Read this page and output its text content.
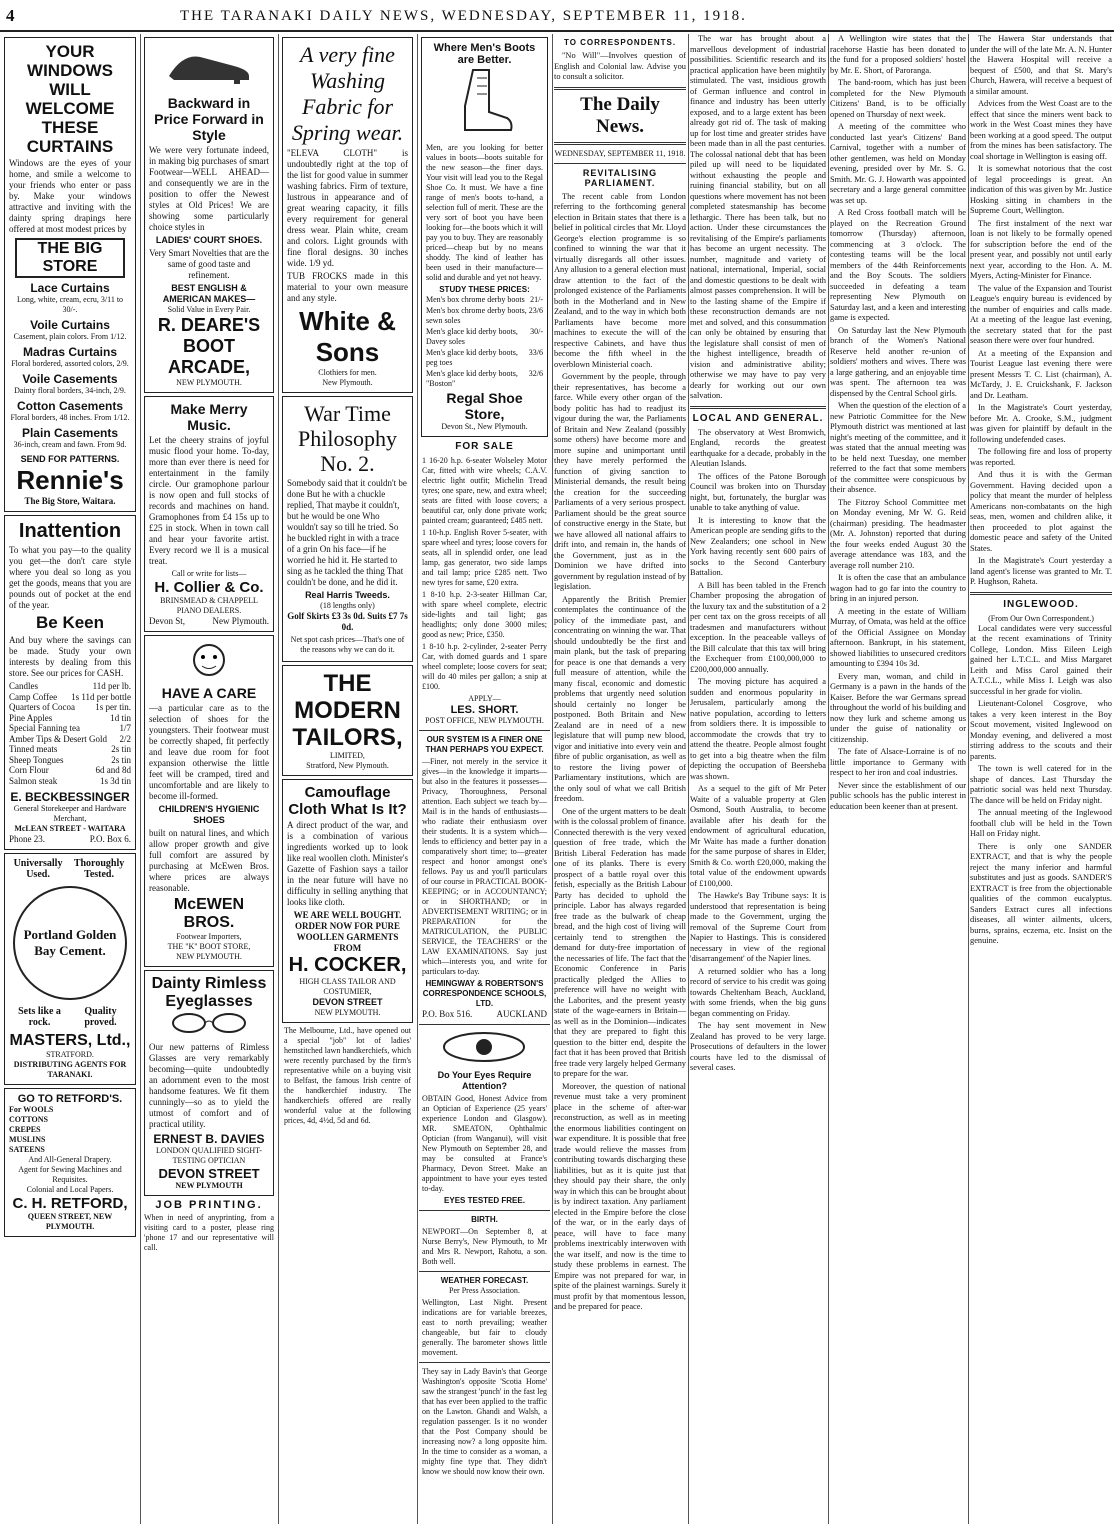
4	THE TARANAKI DAILY NEWS, WEDNESDAY, SEPTEMBER 11, 1918.
YOUR WINDOWS WILL WELCOME THESE CURTAINS

Windows are the eyes of your home, and smile a welcome to your friends who enter or pass by. Make your windows attractive and inviting with the dainty spring drapings here offered at most modest prices by

THE BIG STORE
Lace Curtains
Long, white, cream, ecru, 3/11 to 30/-.
Voile Curtains
Casement, plain colors. From 1/12.
Madras Curtains
Floral bordered, assorted colors, 2/9.
Voile Casements
Dainty floral borders, 34-inch, 2/9.
Cotton Casements
Floral borders, 48 inches. From 1/12.
Plain Casements
36-inch, cream and fawn. From 9d.
SEND FOR PATTERNS.
Rennie's
The Big Store, Waitara.
Inattention

To what you pay—to the quality you get—the don't care style where you deal so long as you get the goods, means that you are pounds out of pocket at the end of the year.

Be Keen

And buy where the savings can be made. Study your own interests by dealing from this store. See our prices for CASH.

Candles	11d per lb.
Camp Coffee 1s 11d per bottle
Quarters of Cocoa 1s per tin.
Pine Apples	1d tin
Special Fanning tea	1/7
Amber Tips & Desert Gold 2/2
Tinned meats	2s tin
Sheep Tongues	2s tin
Corn Flour	6d and 8d
Salmon steak	1s 3d tin
E. BECKBESSINGER
General Storekeeper and Hardware Merchant,
McLEAN STREET - WAITARA
Phone 23.	P.O. Box 6.
Universally Used.
Thoroughly Tested.
Portland Golden Bay Cement.
Sets like a rock.
Quality proved.
MASTERS, Ltd.,
STRATFORD.
DISTRIBUTING AGENTS FOR TARANAKI.
GO TO RETFORD'S.
For WOOLS
COTTONS
CREPES
MUSLINS
SATEENS
And All-General Drapery.
Agent for Sewing Machines and Requisites.
Colonial and Local Papers.
C. H. RETFORD,
QUEEN STREET, NEW PLYMOUTH.
Backward in Price Forward in Style

We were very fortunate indeed, in making big purchases of smart Footwear—WELL AHEAD—and consequently we are in the position to offer the Newest styles at Old Prices! We are showing some particularly choice styles in

LADIES' COURT SHOES.

Very Smart Novelties that are the same of good taste and refinement.

BEST ENGLISH & AMERICAN MAKES—
Solid Value in Every Pair.
R. DEARE'S BOOT ARCADE,
NEW PLYMOUTH.
Make Merry Music.

Let the cheery strains of joyful music flood your home. To-day, more than ever there is need for entertainment in the family circle. Our gramophone parlour is now open and full stocks of records and machines on hand. Gramophones from £4 15s up to £25 in stock. When in town call and hear your favorite artist. Every record we ll is a musical treat.

Call or write for lists—
H. Collier & Co.
BRINSMEAD & CHAPPELL PIANO DEALERS.
Devon St,	New Plymouth.
HAVE A CARE

—a particular care as to the selection of shoes for the youngsters. Their footwear must be correctly shaped, fit perfectly and leave due room for foot expansion otherwise the little feet will be cramped, tired and uncomfortable and are likely to become ill-formed.

CHILDREN'S HYGIENIC SHOES

built on natural lines, and which allow proper growth and give full comfort are assured by purchasing at McEwen Bros. where prices are always reasonable.

McEWEN BROS.
Footwear Importers,
THE "K" BOOT STORE,
NEW PLYMOUTH.
Dainty Rimless Eyeglasses

Our new patterns of Rimless Glasses are very remarkably becoming—quite undoubtedly an adornment even to the most handsome features. We fit them cunningly—so as to yield the utmost of comfort and of practical utility.

ERNEST B. DAVIES
LONDON QUALIFIED SIGHT-TESTING OPTICIAN
DEVON STREET
NEW PLYMOUTH
JOB PRINTING.

When in need of anyprinting, from a visiting card to a poster, please ring 'phone 17 and our representative will call.

A very fine Washing Fabric for Spring wear.

"ELEVA CLOTH" is undoubtedly right at the top of the list for good value in summer washing fabrics. Firm of texture, lustrous in appearance and of great wearing capacity, it fills every requirement for general dress wear. Plain white, cream and colors. Light grounds with fine floral designs. 30 inches wide. 1/9 yd.

TUB FROCKS made in this material to your own measure and any style.

White & Sons
Clothiers for men.
New Plymouth.
War Time Philosophy No. 2.

Somebody said that it couldn't be done But he with a chuckle replied, That maybe it couldn't, but he would be one Who wouldn't say so till he tried. So he buckled right in with a trace of a grin On his face—if he worried he hid it. He started to sing as he tackled the thing That couldn't be done, and he did it.

Real Harris Tweeds.
(18 lengths only)
Golf Skirts £3 3s 0d. Suits £7 7s 0d.

Net spot cash prices—That's one of the reasons why we can do it.

THE MODERN TAILORS,
LIMITED,
Stratford, New Plymouth.
Camouflage Cloth What Is It?

A direct product of the war, and is a combination of various ingredients worked up to look like real woollen cloth. Minister's Gazette of Fashion says a tailor in the near future will have no difficulty in selling anything that looks like cloth.

WE ARE WELL BOUGHT. ORDER NOW FOR PURE WOOLLEN GARMENTS FROM
H. COCKER,
HIGH CLASS TAILOR AND COSTUMIER,
DEVON STREET
NEW PLYMOUTH.

The Melbourne, Ltd., have opened out a special "job" lot of ladies' hemstitched lawn handkerchiefs, which were recently purchased by the firm's representative while on a buying visit to Belfast, the famous Irish centre of the handkerchief industry. The handkerchiefs offered are really wonderful value at the following prices, 4d, 4½d, 5d and 6d.

Where Men's Boots are Better.

Men, are you looking for better values in boots—boots suitable for the new season—the finer days. Your visit will lead you to the Regal Shoe Co. It must. We have a fine range of men's boots to-hand, a selection full of merit. These are the very sort of boot you have been looking for—the boots which it will pay you to buy. They are reasonably priced—cheap but by no means shoddy. The kind of leather has been used in their manufacture—solid and durable and yet not heavy.

STUDY THESE PRICES:
Men's box chrome derby boots 21/-
Men's box chrome derby boots, sewn soles
23/6
Men's glace kid derby boots, Davey soles
30/-
Men's glace kid derby boots, peg toes
33/6
Men's glace kid derby boots, "Boston"
32/6
Regal Shoe Store,
Devon St., New Plymouth.
FOR SALE

1 16-20 h.p. 6-seater Wolseley Motor Car, fitted with wire wheels; C.A.V. electric light outfit; Michelin Tread tyres; one spare, new, and extra wheel; seats are fitted with loose covers; a beautiful car, only done private work; painted cream; guaranteed; £485 nett.

1 10-h.p. English Rover 5-seater, with spare wheel and tyres; loose covers for seats, all in splendid order, one lead lamp, gas generator, two side lamps and tail lamp; price £285 nett. Two new tyres for same, £20 extra.

1 8-10 h.p. 2-3-seater Hillman Car, with spare wheel complete, electric side-lights and tail light; gas headlights; only done 3000 miles; good as new; Price, £350.

1 8-10 h.p. 2-cylinder, 2-seater Perry Car, with domed guards and 1 spare wheel complete; loose covers for seat; will do 40 miles per gallon; a snip at £100.

APPLY—
LES. SHORT.
POST OFFICE, NEW PLYMOUTH.
OUR SYSTEM IS A FINER ONE THAN PERHAPS YOU EXPECT.

—Finer, not merely in the service it gives—in the knowledge it imparts—but also in the features it possesses—Privacy, Thoroughness, Personal attention. Each subject we teach by—Mail is in the hands of enthusiasts—who radiate their enthusiasm over their students. It is a system which—lends to efficiency and better pay in a comparatively short time; to—greater respect and honor amongst one's fellows. Pay us and you'll particulars of our course in PRACTICAL BOOK-KEEPING; or in ACCOUNTANCY; or in SHORTHAND; or in ADVERTISEMENT WRITING; or in PREPARATION for the MATRICULATION, the PUBLIC SERVICE, the TEACHERS' or the LAW EXAMINATIONS. Say just which—interests you, and write for particulars to-day.

HEMINGWAY & ROBERTSON'S CORRESPONDENCE SCHOOLS, LTD.
P.O. Box 516.	AUCKLAND
Do Your Eyes Require Attention?

OBTAIN Good, Honest Advice from an Optician of Experience (25 years' experience London and Glasgow). MR. SMEATON, Ophthalmic Optician (from Wanganui), will visit New Plymouth on September 28, and may be consulted at France's Pharmacy, Devon Street. Make an appointment to have your eyes tested to-day.

EYES TESTED FREE.
BIRTH.

NEWPORT—On September 8, at Nurse Berry's, New Plymouth, to Mr and Mrs R. Newport, Rahotu, a son. Both well.

WEATHER FORECAST.
Per Press Association.

Wellington, Last Night. Present indications are for variable breezes, east to north prevailing; weather changeable, but fair to cloudy generally. The barometer shows little movement.

They say in Lady Bavin's that George Washington's opposite 'Scotia Home' saw the strangest 'punch' in the fast leg that has ever been applied to the traffic on the Lawton. Ghandi and Walsh, a regulation passenger. Is it no wonder that the Post Company should be increasing now? a long opposite him. In the time to consider as a woman, a mighty fine type that. They didn't know we should now know their own.

TO CORRESPONDENTS.

"No Will"—Involves question of English and Colonial law. Advise you to consult a solicitor.

The Daily News.
WEDNESDAY, SEPTEMBER 11, 1918.
REVITALISING PARLIAMENT.

The recent cable from London referring to the forthcoming general election in Britain states that there is a belief in political circles that Mr. Lloyd George's election programme is so confined to winning the war that it virtually disregards all other issues. Any allusion to a general election must draw attention to the fact of the prolonged existence of the Parliaments both in the Motherland and in New Zealand, and to the way in which both Parliaments have become more machines to execute the will of the respective Cabinets, and have thus become the fifth wheel in the overblown Ministerial coach.

Government by the people, through their representatives, has become a farce. While every other organ of the body politic has had to readjust its vigour during the war, the Parliaments of Britain and New Zealand (possibly some others) have become more and more supine and unimportant until they have merely performed the function of giving sanction to Ministerial demands, the result being the creation for the succeeding Parliaments of a very serious prospect. Parliament should be the great source of constructive energy in the State, but we have allowed all national affairs to drift into, and remain in, the hands of the Government, just as in the Dominion we have drifted into government by regulation instead of by legislation.

Apparently the British Premier contemplates the continuance of the policy of the immediate past, and concentrating on winning the war. That should undoubtedly be the first and main plank, but the task of preparing for peace is one that demands a very full measure of attention, while the many fiscal, economic and domestic problems that urgently need solution should certainly no longer be postponed. Both Britain and New Zealand are in need of a new legislature that will pump new blood, vigor and initiative into every vein and fibre of public organisation, as well as to restore the living power of Parliamentary institutions, which are the only soul of what we call British freedom.

One of the urgent matters to be dealt with is the colossal problem of finance. Connected therewith is the very vexed question of free trade, which the British Liberal Federation has made one of its planks. There is every prospect of a battle royal over this fetish, especially as the British Labour Party has decided to uphold the principle. Labor has always regarded free trade as the bulwark of cheap bread, and the high cost of living will certainly tend to strengthen the demand for duty-free importation of the necessaries of life. The fact that the Economic Conference in Paris practically pledged the Allies to preference will have no weight with the Laborites, and the present yeasty state of the wage-earners in Britain—as well as in the Dominion—indicates that they are prepared to fight this question to the bitter end, despite the fact that it has been proved that British free trade very largely helped Germany to prepare for the war.

Moreover, the question of national revenue must take a very prominent place in the scheme of after-war reconstruction, as well as in meeting the enormous liabilities contingent on war expenditure. It is possible that free trade would relieve the masses from contributing towards discharging these liabilities, but as it is quite just that they should pay their share, the only way in which this can be brought about is by indirect taxation. Any parliament elected in the Empire before the close of the war, or in the early days of peace, will have to face many problems inextricably interwoven with the war itself, and now is the time to study these problems in earnest. The Empire was not prepared for war, in spite of the plainest warnings. Surely it must profit by that momentous lesson, and be prepared for peace.

The war has brought about a marvellous development of industrial possibilities. Scientific research and its practical application have been mightily stimulated. The vast, insidious growth of German influence and control in finance and industry has been utterly exposed, and to a large extent has been already got rid of. The task of making up for lost time and greater strides have been made than in all the past centuries. The colossal national debt that has been piled up will need to be liquidated without exhausting the people and ruining financial stability, but on all questions where movement has not been completed statesmanship has become lethargic. There has been talk, but no action. Under these circumstances the revitalising of the Empire's parliaments has become an urgent necessity. The number, magnitude and variety of national, international, Imperial, social and domestic questions to be dealt with almost passes comprehension. It will be to the lasting shame of the Empire if these reconstruction demands are not met and solved, and this consummation can only be obtained by ensuring that the legislature shall consist of men of the highest intelligence, breadth of vision and administrative ability; otherwise we may have to pay very dearly for working out our own salvation.

LOCAL AND GENERAL.

The observatory at West Bromwich, England, records the greatest earthquake for a decade, probably in the Aleutian Islands.

The offices of the Patone Borough Council was broken into on Thursday night, but, fortunately, the burglar was unable to take anything of value.

It is interesting to know that the American people are sending gifts to the New Zealanders; one school in New York having recently sent 600 pairs of socks to the Second Canterbury Battalion.

A Bill has been tabled in the French Chamber proposing the abrogation of the luxury tax and the substitution of a 2 per cent tax on the gross receipts of all tradesmen and manufacturers without exception. In the peaceable valleys of the Bill calculate that this tax will bring the Exchequer from £100,000,000 to £200,000,000 annually.

The moving picture has acquired a sudden and enormous popularity in Jerusalem, particularly among the native population, according to letters from soldiers there. It is impossible to accommodate the crowds that try to attend the theatre. People almost fought to get into a big theatre when the film depicting the occupation of Beersheba was shown.

As a sequel to the gift of Mr Peter Waite of a valuable property at Glen Osmond, South Australia, to become available after his death for the endowment of agricultural education, Mr Waite has made a further donation for the same purpose of shares in Elder, Smith & Co. worth £20,000, making the total value of the endowment upwards of £100,000.

The Hawke's Bay Tribune says: It is understood that representation is being made to the Government, urging the removal of the Supreme Court from Napier to Hastings. This is considered necessary in view of the regional 'disarrangement' of the Napier lines.

A returned soldier who has a long record of service to his credit was going towards Cheltenham Beach, Auckland, with some friends, when the big guns began commenting on Friday.

The hay sent movement in New Zealand has proved to be very large. Prosecutions of defaulters in the lower courts have led to the dismissal of several cases.

A Wellington wire states that the racehorse Hastie has been donated to the fund for a proposed soldiers' hostel by Mr. E. Short, of Paroranga.

The band-room, which has just been completed for the New Plymouth Citizens' Band, is to be officially opened on Thursday of next week.

A meeting of the committee who conducted last year's Citizens' Band Carnival, together with a number of other gentlemen, was held on Monday evening, presided over by Mr. S. G. Smith. Mr. G. J. Howarth was appointed secretary and a large general committee was set up.

A Red Cross football match will be played on the Recreation Ground tomorrow (Thursday) afternoon, commencing at 3 o'clock. The contesting teams will be the local members of the 44th Reinforcements and the Boy Scouts. The soldiers succeeded in defeating a team representing New Plymouth on Saturday last, and a keen and interesting game is expected.

On Saturday last the New Plymouth branch of the Women's National Reserve held another re-union of soldiers' mothers and wives. There was a large gathering, and an enjoyable time was spent. The afternoon tea was dispensed by the Central School girls.

When the question of the election of a new Patriotic Committee for the New Plymouth district was mentioned at last night's meeting of the committee, and it was stated that the annual meeting was to be held next Tuesday, one member referred to the fact that some members of the committee were conspicuous by their absence.

The Fitzroy School Committee met on Monday evening, Mr W. G. Reid (chairman) presiding. The headmaster (Mr. A. Johnston) reported that during the four weeks ended August 30 the average attendance was 183, and the average roll number 210.

It is often the case that an ambulance wagon had to go far into the country to bring in an injured person.

A meeting in the estate of William Murray, of Omata, was held at the office of the Official Assignee on Monday afternoon. Bankrupt, in his statement, showed liabilities to unsecured creditors amounting to £394 10s 3d.

Every man, woman, and child in Germany is a pawn in the hands of the Kaiser. Before the war Germans spread throughout the world of his building and now they lurk and scheme among us under the guise of nationality or citizenship.

The fate of Alsace-Lorraine is of no little importance to Germany with respect to her iron and coal industries.

Never since the establishment of our public schools has the public interest in education been keener than at present.

The Hawera Star understands that under the will of the late Mr. A. N. Hunter the Hawera Hospital will receive a bequest of £500, and that St. Mary's Church, Hawera, will receive a bequest of a similar amount.

Advices from the West Coast are to the effect that since the miners went back to work in the West Coast mines they have been working at a good speed. The output from the mines has been satisfactory. The coal shortage in Wellington is easing off.

It is somewhat notorious that the cost of legal proceedings is great. An indication of this was given by Mr. Justice Hosking sitting in chambers in the Supreme Court, Wellington.

The first instalment of the next war loan is not likely to be formally opened for subscription before the end of the present year, and possibly not until early next year, according to the Hon. A. M. Myers, Acting-Minister for Finance.

The value of the Expansion and Tourist League's enquiry bureau is evidenced by the number of enquiries and calls made. At a meeting of the league last evening, the secretary stated that for the past season there were over four hundred.

At a meeting of the Expansion and Tourist League last evening there were present Messrs T. C. List (chairman), A. McTardy, J. E. Cruickshank, F. Jackson and Dr. Leatham.

In the Magistrate's Court yesterday, before Mr. A. Crooke, S.M., judgment was given for plaintiff by default in the following undefended cases.

The following fire and loss of property was reported.

And thus it is with the German Government. Having decided upon a policy that meant the murder of helpless Americans non-combatants on the high seas, men, women and children alike, it then proceeded to plot against the domestic peace and safety of the United States.

In the Magistrate's Court yesterday a land agent's license was granted to Mr. T. P. Hughson, Raheta.

INGLEWOOD.
(From Our Own Correspondent.)

Local candidates were very successful at the recent examinations of Trinity College, London. Miss Eileen Leigh gained her L.T.C.L. and Miss Margaret Leith and Miss Carol gained their A.T.C.L., while Miss I. Leigh was also successful in her grade for violin.

Lieutenant-Colonel Cosgrove, who takes a very keen interest in the Boy Scout movement, visited Inglewood on Monday evening, and delivered a most stirring address to the scouts and their parents.

The town is well catered for in the shape of dances. Last Thursday the patriotic social was held next Thursday. The dance will be held on Friday night.

The annual meeting of the Inglewood football club will be held in the Town Hall on Friday night.

There is only one SANDER EXTRACT, and that is why the people reject the many inferior and harmful substitutes and just as goods. SANDER'S EXTRACT is free from the objectionable qualities of the common eucalyptus. Sanders Extract cures all infections diseases, all winter ailments, ulcers, burns, sprains, eczema, etc. Insist on the genuine.
